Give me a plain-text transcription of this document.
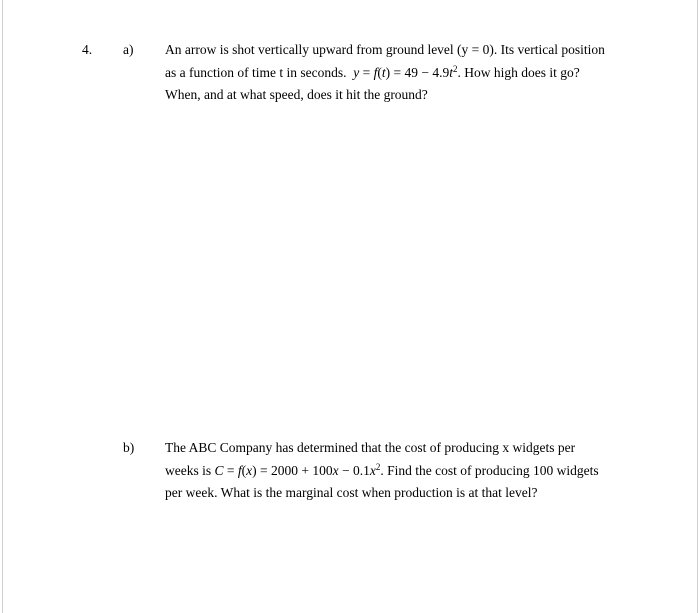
4. a) An arrow is shot vertically upward from ground level (y = 0). Its vertical position
as a function of time t in seconds. $y = f(t) = 49 - 4.9t^2$. How high does it go?
When, and at what speed, does it hit the ground?
b) The ABC Company has determined that the cost of producing x widgets per
weeks is $C = f(x) = 2000 + 100x - 0.1x^2$. Find the cost of producing 100 widgets
per week. What is the marginal cost when production is at that level?
